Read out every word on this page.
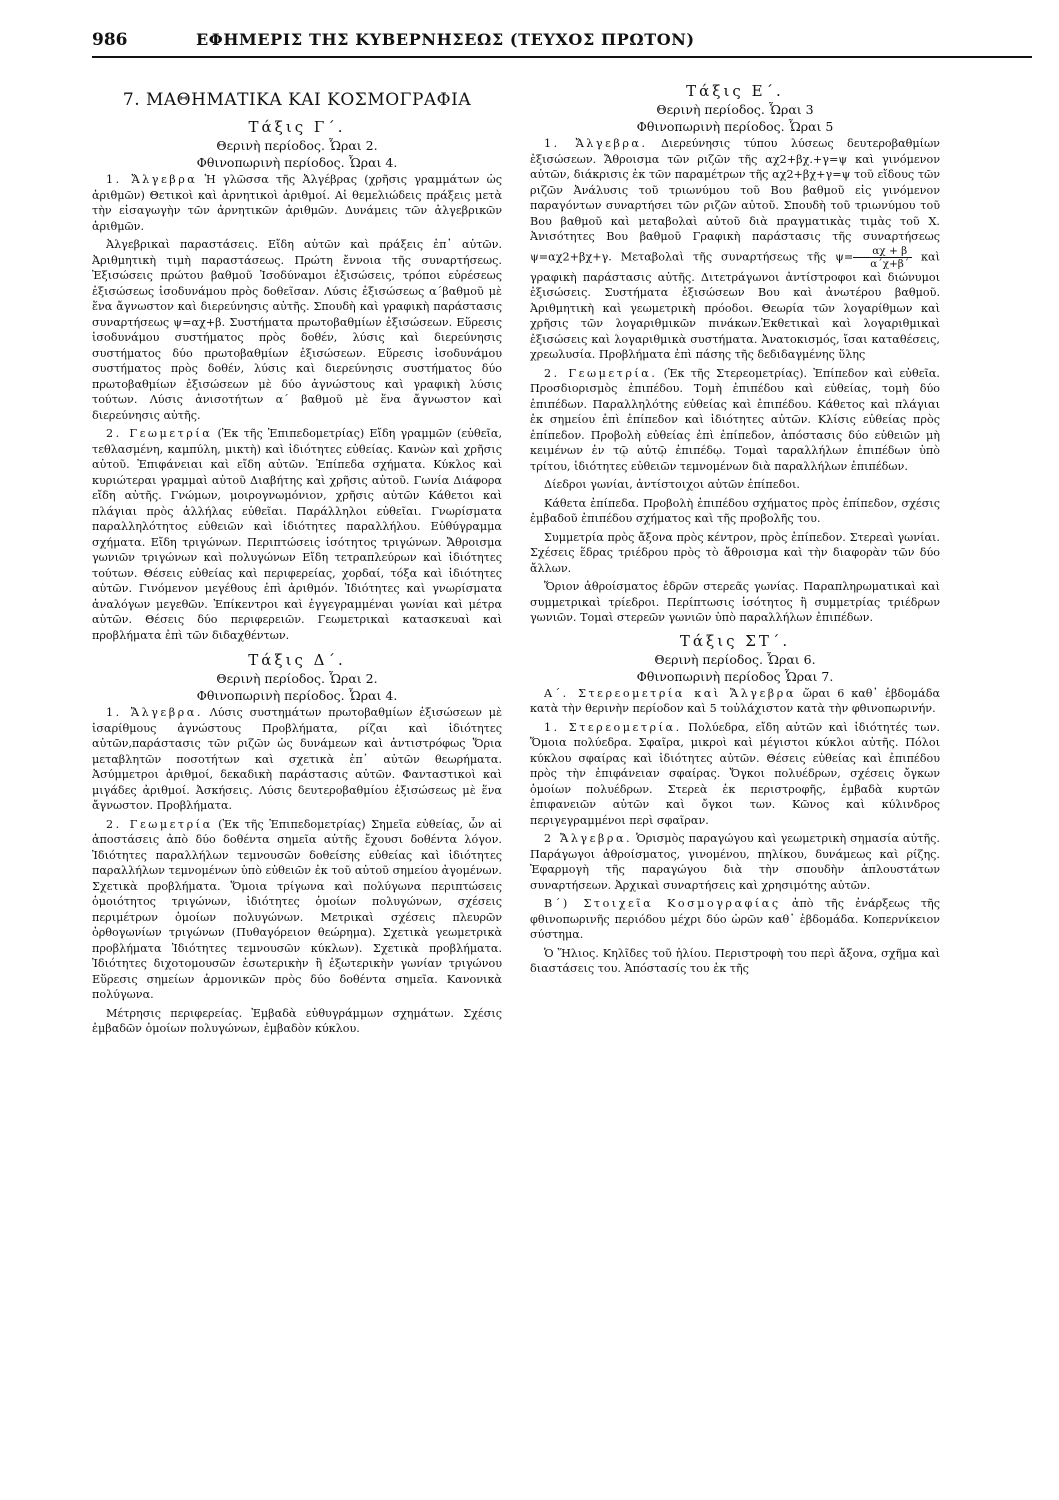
986	ΕΦΗΜΕΡΙΣ ΤΗΣ ΚΥΒΕΡΝΗΣΕΩΣ (ΤΕΥΧΟΣ ΠΡΩΤΟΝ)
7. ΜΑΘΗΜΑΤΙΚΑ ΚΑΙ ΚΟΣΜΟΓΡΑΦΙΑ
Τάξις Γ΄.
Θερινὴ περίοδος. Ὧραι 2.
Φθινοπωρινὴ περίοδος. Ὧραι 4.

1. Ἄλγεβρα Ἡ γλῶσσα τῆς Ἀλγέβρας (χρῆσις γραμμάτων ὡς ἀριθμῶν) Θετικοὶ καὶ ἀρνητικοὶ ἀριθμοί. Αἱ θεμελιώδεις πράξεις μετὰ τὴν εἰσαγωγὴν τῶν ἀρνητικῶν ἀριθμῶν. Δυνάμεις τῶν ἀλγεβρικῶν ἀριθμῶν.

Ἀλγεβρικαὶ παραστάσεις. Εἴδη αὐτῶν καὶ πράξεις ἐπ᾽ αὐτῶν. Ἀριθμητικὴ τιμὴ παραστάσεως. Πρώτη ἔννοια τῆς συναρτήσεως. Ἐξισώσεις πρώτου βαθμοῦ Ἰσοδύναμοι ἐξισώσεις, τρόποι εὑρέσεως ἐξισώσεως ἰσοδυνάμου πρὸς δοθεῖσαν. Λύσις ἐξισώσεως α΄βαθμοῦ μὲ ἕνα ἄγνωστον καὶ διερεύνησις αὐτῆς. Σπουδὴ καὶ γραφικὴ παράστασις συναρτήσεως ψ=αχ+β. Συστήματα πρωτοβαθμίων ἐξισώσεων. Εὕρεσις ἰσοδυνάμου συστήματος πρὸς δοθέν, λύσις καὶ διερεύνησις συστήματος δύο πρωτοβαθμίων ἐξισώσεων. Εὕρεσις ἰσοδυνάμου συστήματος πρὸς δοθέν, λύσις καὶ διερεύνησις συστήματος δύο πρωτοβαθμίων ἐξισώσεων μὲ δύο ἀγνώστους καὶ γραφικὴ λύσις τούτων. Λύσις ἀνισοτήτων α΄ βαθμοῦ μὲ ἕνα ἄγνωστον καὶ διερεύνησις αὐτῆς.

2. Γεωμετρία (Ἐκ τῆς Ἐπιπεδομετρίας) Εἴδη γραμμῶν (εὐθεῖα, τεθλασμένη, καμπύλη, μικτὴ) καὶ ἰδιότητες εὐθείας. Κανὼν καὶ χρῆσις αὐτοῦ. Ἐπιφάνειαι καὶ εἴδη αὐτῶν. Ἐπίπεδα σχήματα. Κύκλος καὶ κυριώτεραι γραμμαὶ αὐτοῦ Διαβήτης καὶ χρῆσις αὐτοῦ. Γωνία Διάφορα εἴδη αὐτῆς. Γνώμων, μοιρογνωμόνιον, χρῆσις αὐτῶν Κάθετοι καὶ πλάγιαι πρὸς ἀλλήλας εὐθεῖαι. Παράλληλοι εὐθεῖαι. Γνωρίσματα παραλληλότητος εὐθειῶν καὶ ἰδιότητες παραλλήλου. Εὐθύγραμμα σχήματα. Εἴδη τριγώνων. Περιπτώσεις ἰσότητος τριγώνων. Ἄθροισμα γωνιῶν τριγώνων καὶ πολυγώνων Εἴδη τετραπλεύρων καὶ ἰδιότητες τούτων. Θέσεις εὐθείας καὶ περιφερείας, χορδαί, τόξα καὶ ἰδιότητες αὐτῶν. Γινόμενον μεγέθους ἐπὶ ἀριθμόν. Ἰδιότητες καὶ γνωρίσματα ἀναλόγων μεγεθῶν. Ἐπίκεντροι καὶ ἐγγεγραμμέναι γωνίαι καὶ μέτρα αὐτῶν. Θέσεις δύο περιφερειῶν. Γεωμετρικαὶ κατασκευαὶ καὶ προβλήματα ἐπὶ τῶν διδαχθέντων.

Τάξις Δ΄.
Θερινὴ περίοδος. Ὧραι 2.
Φθινοπωρινὴ περίοδος. Ὧραι 4.

1. Ἄλγεβρα. Λύσις συστημάτων πρωτοβαθμίων ἐξισώσεων μὲ ἰσαρίθμους ἀγνώστους Προβλήματα, ρίζαι καὶ ἰδιότητες αὐτῶν,παράστασις τῶν ριζῶν ὡς δυνάμεων καὶ ἀντιστρόφως Ὅρια μεταβλητῶν ποσοτήτων καὶ σχετικὰ ἐπ᾽ αὐτῶν θεωρήματα. Ἀσύμμετροι ἀριθμοί, δεκαδικὴ παράστασις αὐτῶν. Φανταστικοὶ καὶ μιγάδες ἀριθμοί. Ἀσκήσεις. Λύσις δευτεροβαθμίου ἐξισώσεως μὲ ἕνα ἄγνωστον. Προβλήματα.

2. Γεωμετρία (Ἐκ τῆς Ἐπιπεδομετρίας) Σημεῖα εὐθείας, ὧν αἱ ἀποστάσεις ἀπὸ δύο δοθέντα σημεῖα αὐτῆς ἔχουσι δοθέντα λόγον. Ἰδιότητες παραλλήλων τεμνουσῶν δοθείσης εὐθείας καὶ ἰδιότητες παραλλήλων τεμνομένων ὑπὸ εὐθειῶν ἐκ τοῦ αὐτοῦ σημείου ἀγομένων. Σχετικὰ προβλήματα. Ὅμοια τρίγωνα καὶ πολύγωνα περιπτώσεις ὁμοιότητος τριγώνων, ἰδιότητες ὁμοίων πολυγώνων, σχέσεις περιμέτρων ὁμοίων πολυγώνων. Μετρικαὶ σχέσεις πλευρῶν ὀρθογωνίων τριγώνων (Πυθαγόρειον θεώρημα). Σχετικὰ γεωμετρικὰ προβλήματα Ἰδιότητες τεμνουσῶν κύκλων). Σχετικὰ προβλήματα. Ἰδιότητες διχοτομουσῶν ἐσωτερικὴν ἢ ἐξωτερικὴν γωνίαν τριγώνου Εὕρεσις σημείων ἁρμονικῶν πρὸς δύο δοθέντα σημεῖα. Κανονικὰ πολύγωνα.

Μέτρησις περιφερείας. Ἐμβαδὰ εὐθυγράμμων σχημάτων. Σχέσις ἐμβαδῶν ὁμοίων πολυγώνων, ἐμβαδὸν κύκλου.

Τάξις Ε΄.
Θερινὴ περίοδος. Ὧραι 3
Φθινοπωρινὴ περίοδος. Ὧραι 5

1. Ἄλγεβρα. Διερεύνησις τύπου λύσεως δευτεροβαθμίων ἐξισώσεων. Ἄθροισμα τῶν ριζῶν τῆς αχ2+βχ.+γ=ψ καὶ γινόμενον αὐτῶν, διάκρισις ἐκ τῶν παραμέτρων τῆς αχ2+βχ+γ=ψ τοῦ εἴδους τῶν ριζῶν Ἀνάλυσις τοῦ τριωνύμου τοῦ Bου βαθμοῦ εἰς γινόμενον παραγόντων συναρτήσει τῶν ριζῶν αὐτοῦ. Σπουδὴ τοῦ τριωνύμου τοῦ Bου βαθμοῦ καὶ μεταβολαὶ αὐτοῦ διὰ πραγματικὰς τιμὰς τοῦ Χ. Ἀνισότητες Bου βαθμοῦ Γραφικὴ παράστασις τῆς συναρτήσεως ψ=αχ2+βχ+γ. Μεταβολαὶ τῆς συναρτήσεως τῆς $\psi= \frac{\alpha\chi + \beta}{\alpha΄\chi+\beta΄}$ καὶ γραφικὴ παράστασις αὐτῆς. Διτετράγωνοι ἀντίστροφοι καὶ διώνυμοι ἐξισώσεις. Συστήματα ἐξισώσεων Bου καὶ ἀνωτέρου βαθμοῦ. Ἀριθμητικὴ καὶ γεωμετρικὴ πρόοδοι. Θεωρία τῶν λογαρίθμων καὶ χρῆσις τῶν λογαριθμικῶν πινάκων.Ἐκθετικαὶ καὶ λογαριθμικαὶ ἐξισώσεις καὶ λογαριθμικὰ συστήματα. Ἀνατοκισμός, ἴσαι καταθέσεις, χρεωλυσία. Προβλήματα ἐπὶ πάσης τῆς δεδιδαγμένης ὕλης

2. Γεωμετρία. (Ἐκ τῆς Στερεομετρίας). Ἐπίπεδον καὶ εὐθεῖα. Προσδιορισμὸς ἐπιπέδου. Τομὴ ἐπιπέδου καὶ εὐθείας, τομὴ δύο ἐπιπέδων. Παραλληλότης εὐθείας καὶ ἐπιπέδου. Κάθετος καὶ πλάγιαι ἐκ σημείου ἐπὶ ἐπίπεδον καὶ ἰδιότητες αὐτῶν. Κλίσις εὐθείας πρὸς ἐπίπεδον. Προβολὴ εὐθείας ἐπὶ ἐπίπεδον, ἀπόστασις δύο εὐθειῶν μὴ κειμένων ἐν τῷ αὐτῷ ἐπιπέδῳ. Τομαὶ ταραλλήλων ἐπιπέδων ὑπὸ τρίτου, ἰδιότητες εὐθειῶν τεμνομένων διὰ παραλλήλων ἐπιπέδων.

Δίεδροι γωνίαι, ἀντίστοιχοι αὐτῶν ἐπίπεδοι.

Κάθετα ἐπίπεδα. Προβολὴ ἐπιπέδου σχήματος πρὸς ἐπίπεδον, σχέσις ἐμβαδοῦ ἐπιπέδου σχήματος καὶ τῆς προβολῆς του.

Συμμετρία πρὸς ἄξονα πρὸς κέντρον, πρὸς ἐπίπεδον. Στερεαὶ γωνίαι. Σχέσεις ἕδρας τριέδρου πρὸς τὸ ἄθροισμα καὶ τὴν διαφορὰν τῶν δύο ἄλλων.

Ὅριον ἀθροίσματος ἑδρῶν στερεᾶς γωνίας. Παραπληρωματικαὶ καὶ συμμετρικαὶ τρίεδροι. Περίπτωσις ἰσότητος ἢ συμμετρίας τριέδρων γωνιῶν. Τομαὶ στερεῶν γωνιῶν ὑπὸ παραλλήλων ἐπιπέδων.

Τάξις ΣΤ΄.
Θερινὴ περίοδος. Ὧραι 6.
Φθινοπωρινὴ περίοδος Ὧραι 7.

Α΄. Στερεομετρία καὶ Ἄλγεβρα ὥραι 6 καθ᾽ ἑβδομάδα κατὰ τὴν θερινὴν περίοδον καὶ 5 τοὐλάχιστον κατὰ τὴν φθινοπωρινήν.

1. Στερεομετρία. Πολύεδρα, εἴδη αὐτῶν καὶ ἰδιότητές των. Ὅμοια πολύεδρα. Σφαῖρα, μικροὶ καὶ μέγιστοι κύκλοι αὐτῆς. Πόλοι κύκλου σφαίρας καὶ ἰδιότητες αὐτῶν. Θέσεις εὐθείας καὶ ἐπιπέδου πρὸς τὴν ἐπιφάνειαν σφαίρας. Ὄγκοι πολυέδρων, σχέσεις ὄγκων ὁμοίων πολυέδρων. Στερεὰ ἐκ περιστροφῆς, ἐμβαδὰ κυρτῶν ἐπιφανειῶν αὐτῶν καὶ ὄγκοι των. Κῶνος καὶ κύλινδρος περιγεγραμμένοι περὶ σφαῖραν.

2 Ἄλγεβρα. Ὁρισμὸς παραγώγου καὶ γεωμετρικὴ σημασία αὐτῆς. Παράγωγοι ἀθροίσματος, γινομένου, πηλίκου, δυνάμεως καὶ ρίζης. Ἐφαρμογὴ τῆς παραγώγου διὰ τὴν σπουδὴν ἁπλουστάτων συναρτήσεων. Ἀρχικαὶ συναρτήσεις καὶ χρησιμότης αὐτῶν.

Β΄) Στοιχεῖα Κοσμογραφίας ἀπὸ τῆς ἐνάρξεως τῆς φθινοπωρινῆς περιόδου μέχρι δύο ὡρῶν καθ᾽ ἑβδομάδα. Κοπερνίκειον σύστημα.

Ὁ Ἥλιος. Κηλῖδες τοῦ ἡλίου. Περιστροφὴ του περὶ ἄξονα, σχῆμα καὶ διαστάσεις του. Ἀπόστασίς του ἐκ τῆς
